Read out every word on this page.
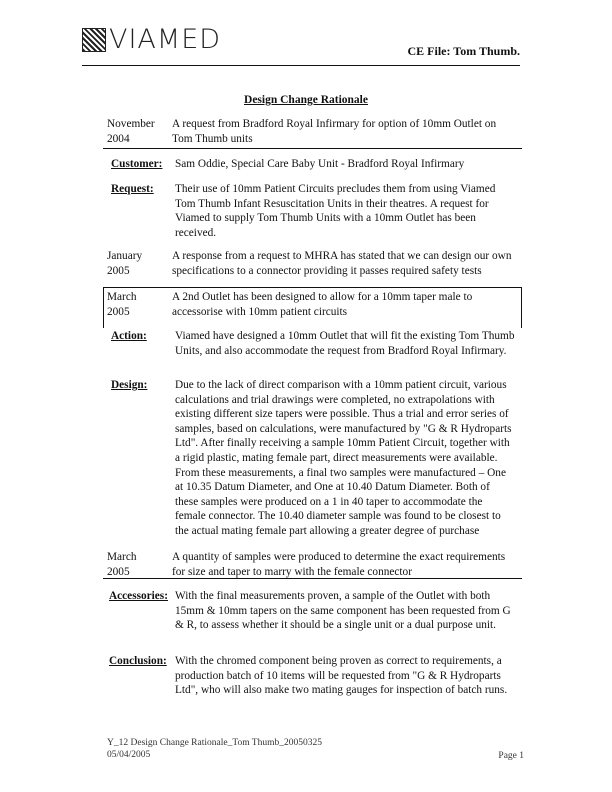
VIAMED	CE File: Tom Thumb.
Design Change Rationale
November
2004
A request from Bradford Royal Infirmary for option of 10mm Outlet on Tom Thumb units
Customer: Sam Oddie, Special Care Baby Unit - Bradford Royal Infirmary
Request: Their use of 10mm Patient Circuits precludes them from using Viamed Tom Thumb Infant Resuscitation Units in their theatres. A request for Viamed to supply Tom Thumb Units with a 10mm Outlet has been received.
January
2005
A response from a request to MHRA has stated that we can design our own specifications to a connector providing it passes required safety tests
March
2005
A 2nd Outlet has been designed to allow for a 10mm taper male to accessorise with 10mm patient circuits
Action: Viamed have designed a 10mm Outlet that will fit the existing Tom Thumb Units, and also accommodate the request from Bradford Royal Infirmary.
Design: Due to the lack of direct comparison with a 10mm patient circuit, various calculations and trial drawings were completed, no extrapolations with existing different size tapers were possible. Thus a trial and error series of samples, based on calculations, were manufactured by "G & R Hydroparts Ltd". After finally receiving a sample 10mm Patient Circuit, together with a rigid plastic, mating female part, direct measurements were available. From these measurements, a final two samples were manufactured – One at 10.35 Datum Diameter, and One at 10.40 Datum Diameter. Both of these samples were produced on a 1 in 40 taper to accommodate the female connector. The 10.40 diameter sample was found to be closest to the actual mating female part allowing a greater degree of purchase
March
2005
A quantity of samples were produced to determine the exact requirements for size and taper to marry with the female connector
Accessories: With the final measurements proven, a sample of the Outlet with both 15mm & 10mm tapers on the same component has been requested from G & R, to assess whether it should be a single unit or a dual purpose unit.
Conclusion: With the chromed component being proven as correct to requirements, a production batch of 10 items will be requested from "G & R Hydroparts Ltd", who will also make two mating gauges for inspection of batch runs.
Y_12 Design Change Rationale_Tom Thumb_20050325
05/04/2005	Page 1
